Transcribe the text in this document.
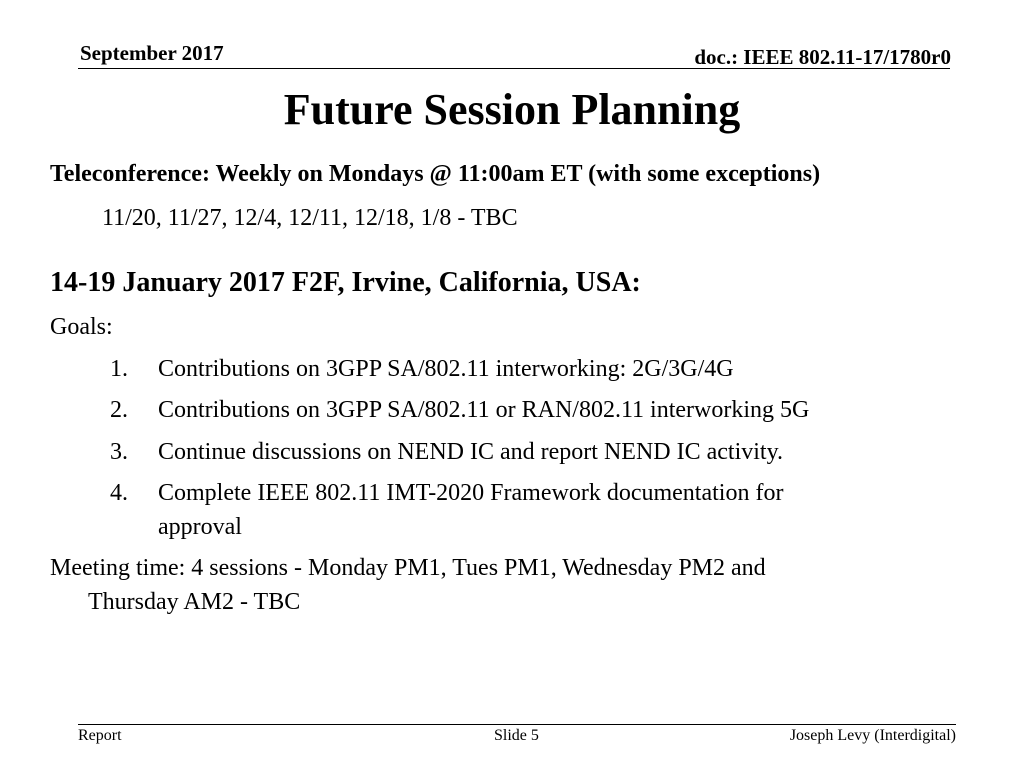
September 2017	doc.: IEEE 802.11-17/1780r0
Future Session Planning
Teleconference: Weekly on Mondays @ 11:00am ET (with some exceptions)
11/20, 11/27, 12/4, 12/11, 12/18, 1/8 - TBC
14-19 January 2017 F2F, Irvine, California, USA:
Goals:
1. Contributions on 3GPP SA/802.11 interworking: 2G/3G/4G
2. Contributions on 3GPP SA/802.11 or RAN/802.11 interworking 5G
3. Continue discussions on NEND IC and report NEND IC activity.
4. Complete IEEE 802.11 IMT-2020 Framework documentation for
approval
Meeting time: 4 sessions - Monday PM1, Tues PM1, Wednesday PM2 and
Thursday AM2 - TBC
Report	Slide 5	Joseph Levy (Interdigital)
